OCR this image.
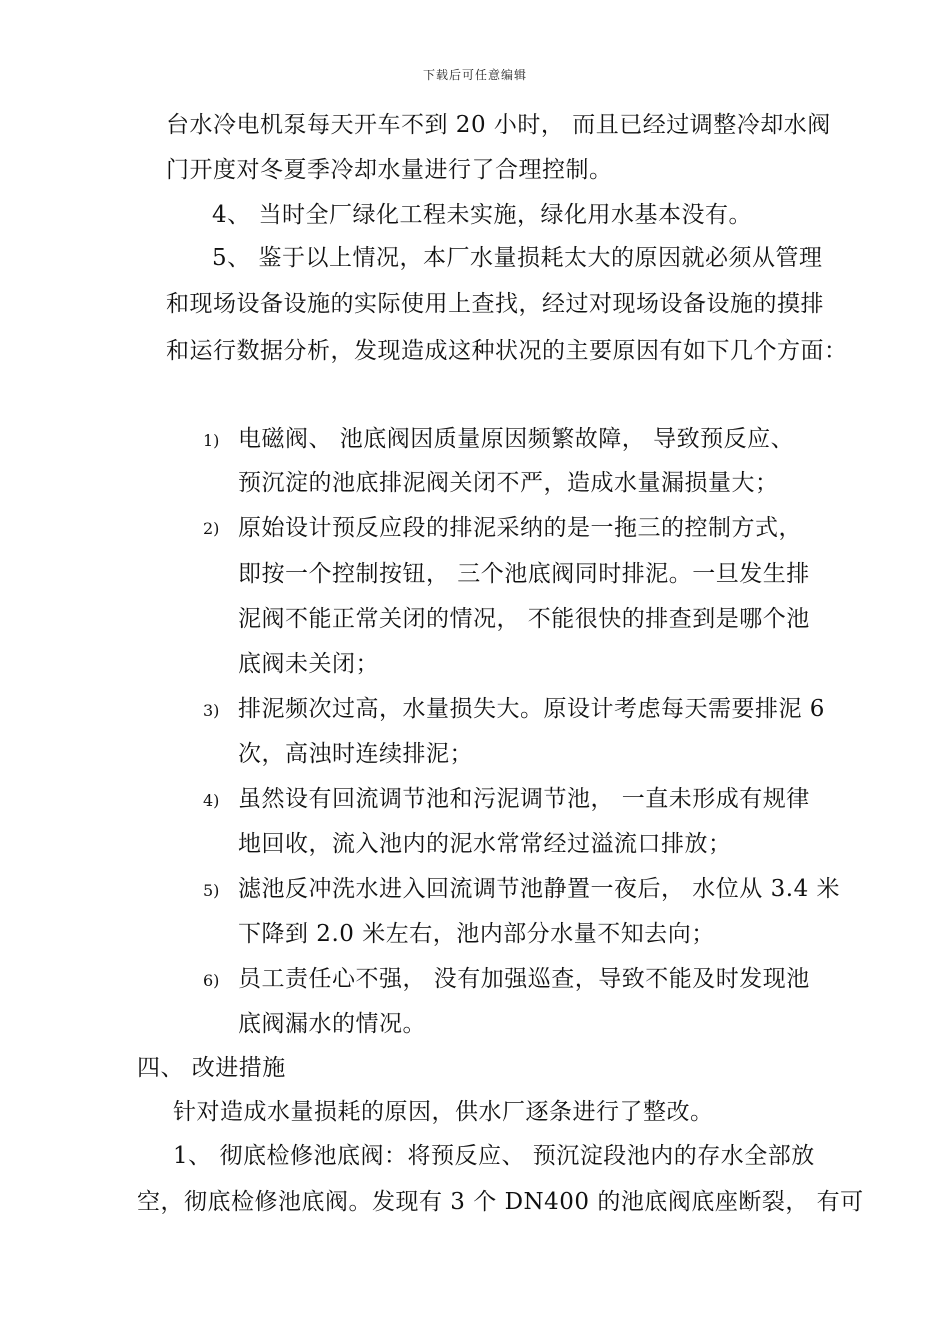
下载后可任意编辑
台水冷电机泵每天开车不到 20 小时， 而且已经过调整冷却水阀
门开度对冬夏季冷却水量进行了合理控制。
4、 当时全厂绿化工程未实施，绿化用水基本没有。
5、 鉴于以上情况，本厂水量损耗太大的原因就必须从管理
和现场设备设施的实际使用上查找，经过对现场设备设施的摸排
和运行数据分析，发现造成这种状况的主要原因有如下几个方面：
1) 电磁阀、 池底阀因质量原因频繁故障， 导致预反应、
预沉淀的池底排泥阀关闭不严，造成水量漏损量大；
2) 原始设计预反应段的排泥采纳的是一拖三的控制方式，
即按一个控制按钮， 三个池底阀同时排泥。一旦发生排
泥阀不能正常关闭的情况， 不能很快的排查到是哪个池
底阀未关闭；
3) 排泥频次过高，水量损失大。原设计考虑每天需要排泥 6
次，高浊时连续排泥；
4) 虽然设有回流调节池和污泥调节池， 一直未形成有规律
地回收，流入池内的泥水常常经过溢流口排放；
5) 滤池反冲洗水进入回流调节池静置一夜后， 水位从 3.4 米
下降到 2.0 米左右，池内部分水量不知去向；
6) 员工责任心不强， 没有加强巡查，导致不能及时发现池
底阀漏水的情况。
四、 改进措施
针对造成水量损耗的原因，供水厂逐条进行了整改。
1、 彻底检修池底阀：将预反应、 预沉淀段池内的存水全部放
空，彻底检修池底阀。发现有 3 个 DN400 的池底阀底座断裂， 有可
